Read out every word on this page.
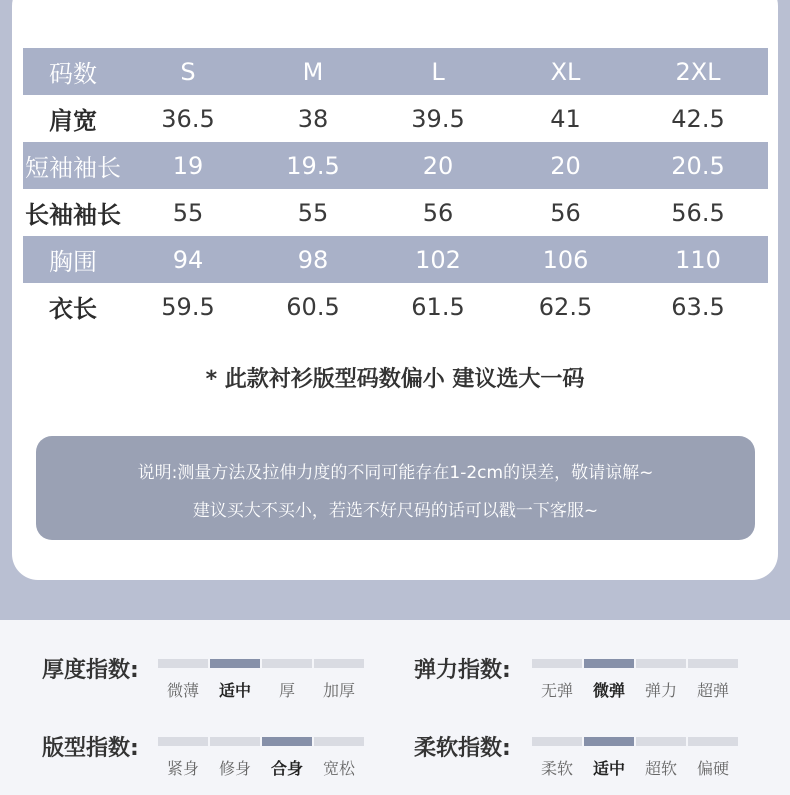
码数	S	M	L	XL	2XL
肩宽	36.5	38	39.5	41	42.5
短袖袖长	19	19.5	20	20	20.5
长袖袖长	55	55	56	56	56.5
胸围	94	98	102	106	110
衣长	59.5	60.5	61.5	62.5	63.5
* 此款衬衫版型码数偏小 建议选大一码
说明:测量方法及拉伸力度的不同可能存在1-2cm的误差，敬请谅解~
建议买大不买小，若选不好尺码的话可以戳一下客服~
厚度指数:
微薄	适中	厚	加厚
弹力指数:
无弹	微弹	弹力	超弹
版型指数:
紧身	修身	合身	宽松
柔软指数:
柔软	适中	超软	偏硬
